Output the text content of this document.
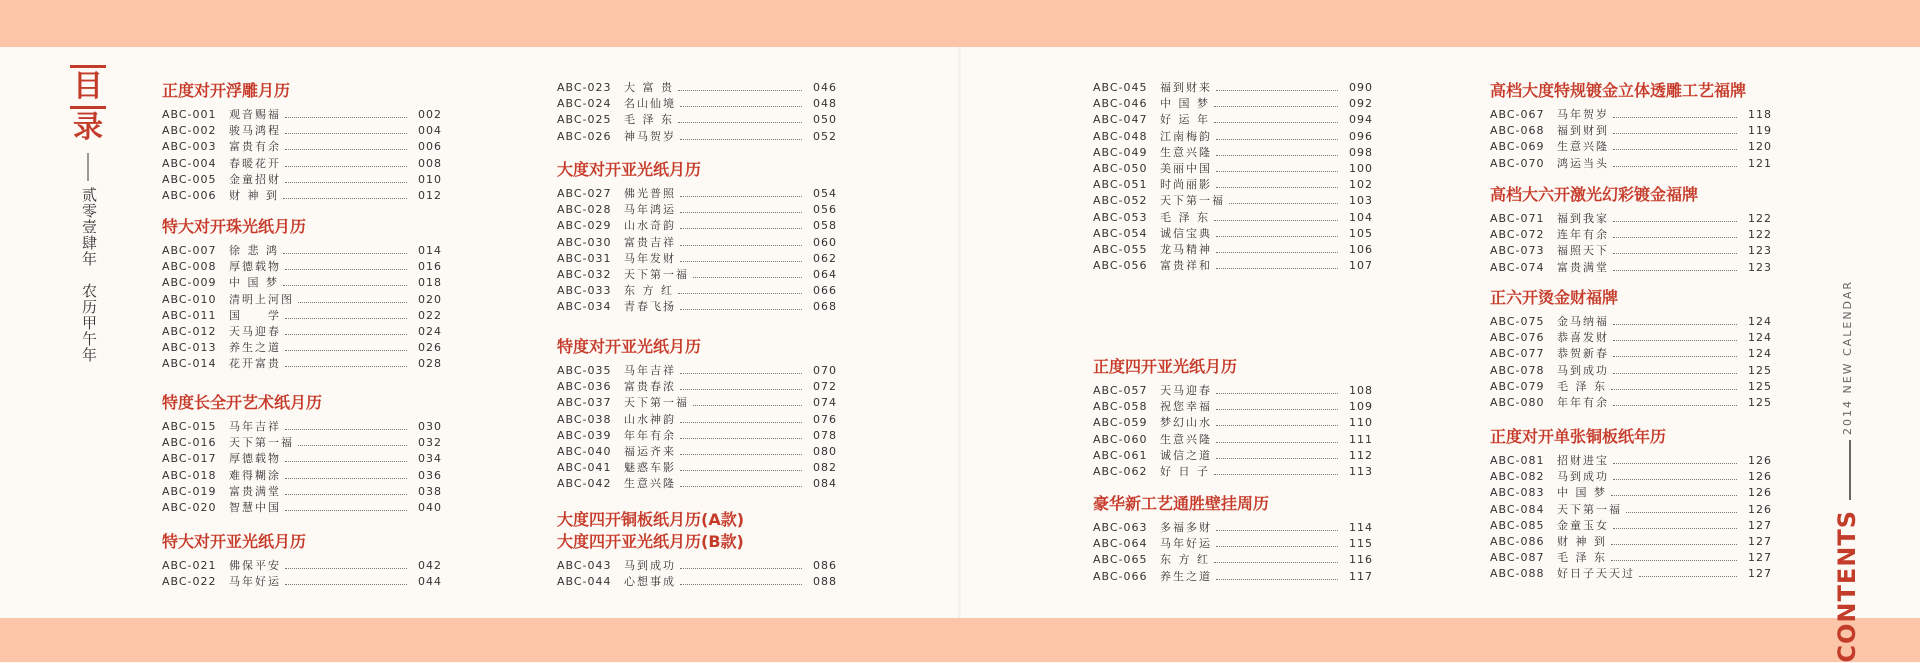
目
录
贰零壹肆年　农历甲午年	2014 NEW CALENDAR
CONTENTS
正度对开浮雕月历
ABC-001	观音赐福	002
ABC-002	骏马鸿程	004
ABC-003	富贵有余	006
ABC-004	春暖花开	008
ABC-005	金童招财	010
ABC-006	财 神 到	012
特大对开珠光纸月历
ABC-007	徐 悲 鸿	014
ABC-008	厚德载物	016
ABC-009	中 国 梦	018
ABC-010	清明上河图	020
ABC-011	国　　学	022
ABC-012	天马迎春	024
ABC-013	养生之道	026
ABC-014	花开富贵	028
特度长全开艺术纸月历
ABC-015	马年吉祥	030
ABC-016	天下第一福	032
ABC-017	厚德载物	034
ABC-018	难得糊涂	036
ABC-019	富贵满堂	038
ABC-020	智慧中国	040
特大对开亚光纸月历
ABC-021	佛保平安	042
ABC-022	马年好运	044
ABC-023	大 富 贵	046
ABC-024	名山仙境	048
ABC-025	毛 泽 东	050
ABC-026	神马贺岁	052
大度对开亚光纸月历
ABC-027	佛光普照	054
ABC-028	马年鸿运	056
ABC-029	山水奇韵	058
ABC-030	富贵吉祥	060
ABC-031	马年发财	062
ABC-032	天下第一福	064
ABC-033	东 方 红	066
ABC-034	青春飞扬	068
特度对开亚光纸月历
ABC-035	马年吉祥	070
ABC-036	富贵春浓	072
ABC-037	天下第一福	074
ABC-038	山水神韵	076
ABC-039	年年有余	078
ABC-040	福运齐来	080
ABC-041	魅惑车影	082
ABC-042	生意兴隆	084
大度四开铜板纸月历(A款)
大度四开亚光纸月历(B款)
ABC-043	马到成功	086
ABC-044	心想事成	088
ABC-045	福到财来	090
ABC-046	中 国 梦	092
ABC-047	好 运 年	094
ABC-048	江南梅韵	096
ABC-049	生意兴隆	098
ABC-050	美丽中国	100
ABC-051	时尚丽影	102
ABC-052	天下第一福	103
ABC-053	毛 泽 东	104
ABC-054	诚信宝典	105
ABC-055	龙马精神	106
ABC-056	富贵祥和	107
正度四开亚光纸月历
ABC-057	天马迎春	108
ABC-058	祝您幸福	109
ABC-059	梦幻山水	110
ABC-060	生意兴隆	111
ABC-061	诚信之道	112
ABC-062	好 日 子	113
豪华新工艺通胜壁挂周历
ABC-063	多福多财	114
ABC-064	马年好运	115
ABC-065	东 方 红	116
ABC-066	养生之道	117
高档大度特规镀金立体透雕工艺福牌
ABC-067	马年贺岁	118
ABC-068	福到财到	119
ABC-069	生意兴隆	120
ABC-070	鸿运当头	121
高档大六开激光幻彩镀金福牌
ABC-071	福到我家	122
ABC-072	连年有余	122
ABC-073	福照天下	123
ABC-074	富贵满堂	123
正六开烫金财福牌
ABC-075	金马纳福	124
ABC-076	恭喜发财	124
ABC-077	恭贺新春	124
ABC-078	马到成功	125
ABC-079	毛 泽 东	125
ABC-080	年年有余	125
正度对开单张铜板纸年历
ABC-081	招财进宝	126
ABC-082	马到成功	126
ABC-083	中 国 梦	126
ABC-084	天下第一福	126
ABC-085	金童玉女	127
ABC-086	财 神 到	127
ABC-087	毛 泽 东	127
ABC-088	好日子天天过	127
